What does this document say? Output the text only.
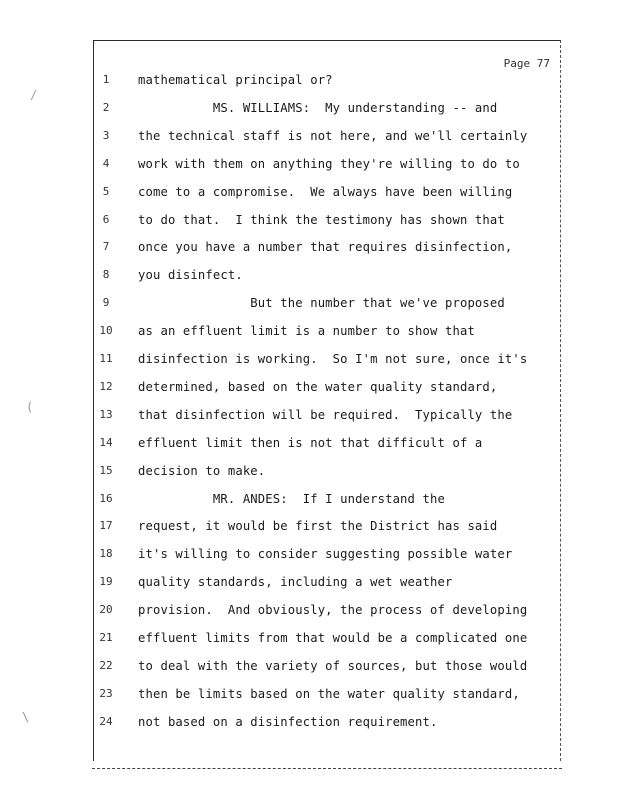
Page 77
/
(
\
1	mathematical principal or?
2	MS. WILLIAMS:  My understanding -- and
3	the technical staff is not here, and we'll certainly
4	work with them on anything they're willing to do to
5	come to a compromise.  We always have been willing
6	to do that.  I think the testimony has shown that
7	once you have a number that requires disinfection,
8	you disinfect.
9	But the number that we've proposed
10 as an effluent limit is a number to show that
11 disinfection is working.  So I'm not sure, once it's
12 determined, based on the water quality standard,
13 that disinfection will be required.  Typically the
14 effluent limit then is not that difficult of a
15 decision to make.
16 MR. ANDES:  If I understand the
17 request, it would be first the District has said
18 it's willing to consider suggesting possible water
19 quality standards, including a wet weather
20 provision.  And obviously, the process of developing
21 effluent limits from that would be a complicated one
22 to deal with the variety of sources, but those would
23 then be limits based on the water quality standard,
24 not based on a disinfection requirement.
